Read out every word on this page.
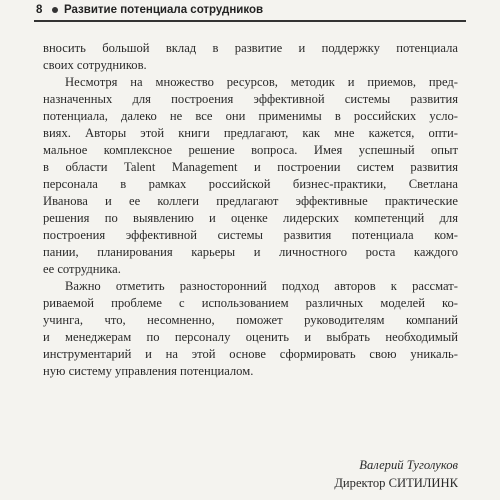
8	Развитие потенциала сотрудников
вносить большой вклад в развитие и поддержку потенциала
своих сотрудников.
Несмотря на множество ресурсов, методик и приемов, пред-
назначенных для построения эффективной системы развития
потенциала, далеко не все они применимы в российских усло-
виях. Авторы этой книги предлагают, как мне кажется, опти-
мальное комплексное решение вопроса. Имея успешный опыт
в области Talent Management и построении систем развития
персонала в рамках российской бизнес-практики, Светлана
Иванова и ее коллеги предлагают эффективные практические
решения по выявлению и оценке лидерских компетенций для
построения эффективной системы развития потенциала ком-
пании, планирования карьеры и личностного роста каждого
ее сотрудника.
Важно отметить разносторонний подход авторов к рассмат-
риваемой проблеме с использованием различных моделей ко-
учинга, что, несомненно, поможет руководителям компаний
и менеджерам по персоналу оценить и выбрать необходимый
инструментарий и на этой основе сформировать свою уникаль-
ную систему управления потенциалом.
Валерий Туголуков
Директор СИТИЛИНК
